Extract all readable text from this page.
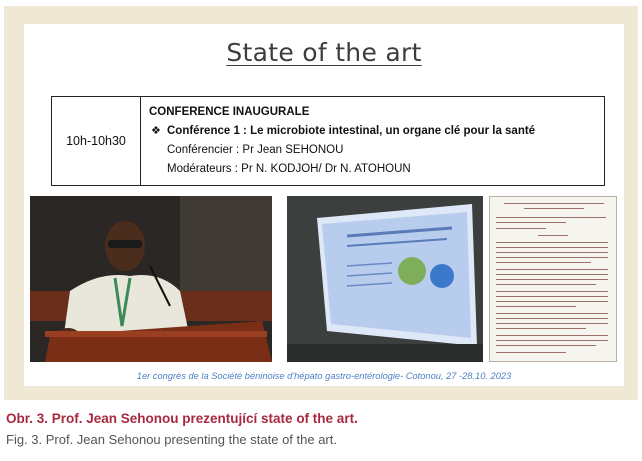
State of the art
10h-10h30
CONFERENCE INAUGURALE
❖ Conférence 1 : Le microbiote intestinal, un organe clé pour la santé
Conférencier : Pr Jean SEHONOU
Modérateurs : Pr N. KODJOH/ Dr N. ATOHOUN
1er congrès de la Société béninoise d'hépato gastro-entérologie- Cotonou, 27 -28.10. 2023
Obr. 3. Prof. Jean Sehonou prezentující state of the art.
Fig. 3. Prof. Jean Sehonou presenting the state of the art.
